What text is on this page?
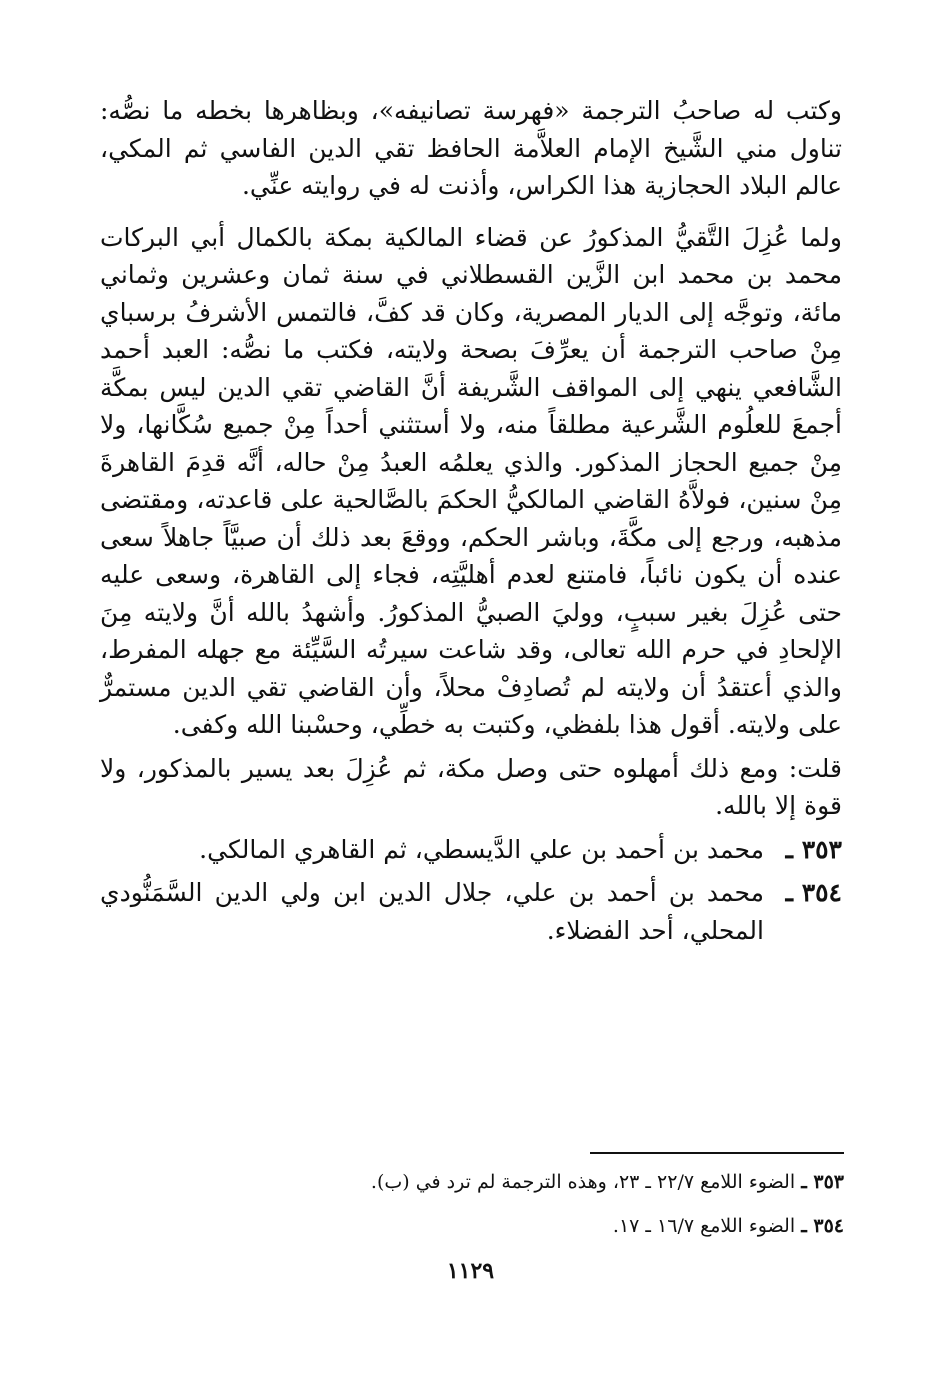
وكتب له صاحبُ الترجمة «فهرسة تصانيفه»، وبظاهرها بخطه ما نصُّه: تناول مني الشَّيخ الإمام العلاَّمة الحافظ تقي الدين الفاسي ثم المكي، عالم البلاد الحجازية هذا الكراس، وأذنت له في روايته عنِّي.

ولما عُزِلَ التَّقيُّ المذكورُ عن قضاء المالكية بمكة بالكمال أبي البركات محمد بن محمد ابن الزَّين القسطلاني في سنة ثمان وعشرين وثماني مائة، وتوجَّه إلى الديار المصرية، وكان قد كفَّ، فالتمس الأشرفُ برسباي مِنْ صاحب الترجمة أن يعرِّفَ بصحة ولايته، فكتب ما نصُّه: العبد أحمد الشَّافعي ينهي إلى المواقف الشَّريفة أنَّ القاضي تقي الدين ليس بمكَّة أجمعَ للعلُوم الشَّرعية مطلقاً منه، ولا أستثني أحداً مِنْ جميع سُكَّانها، ولا مِنْ جميع الحجاز المذكور. والذي يعلمُه العبدُ مِنْ حاله، أنَّه قدِمَ القاهرةَ مِنْ سنين، فولاَّهُ القاضي المالكيُّ الحكمَ بالصَّالحية على قاعدته، ومقتضى مذهبه، ورجع إلى مكَّةَ، وباشر الحكم، ووقعَ بعد ذلك أن صبيَّاً جاهلاً سعى عنده أن يكون نائباً، فامتنع لعدم أهليَّتِه، فجاء إلى القاهرة، وسعى عليه حتى عُزِلَ بغير سببٍ، ووليَ الصبيُّ المذكورُ. وأشهدُ بالله أنَّ ولايته مِنَ الإلحادِ في حرم الله تعالى، وقد شاعت سيرتُه السَّيِّئة مع جهله المفرط، والذي أعتقدُ أن ولايته لم تُصادِفْ محلاً، وأن القاضي تقي الدين مستمرٌّ على ولايته. أقول هذا بلفظي، وكتبت به خطِّي، وحسْبنا الله وكفى.

قلت: ومع ذلك أمهلوه حتى وصل مكة، ثم عُزِلَ بعد يسير بالمذكور، ولا قوة إلا بالله.

٣٥٣ ـ
محمد بن أحمد بن علي الدَّيسطي، ثم القاهري المالكي.
٣٥٤ ـ
محمد بن أحمد بن علي، جلال الدين ابن ولي الدين السَّمَنُّودي المحلي، أحد الفضلاء.
٣٥٣ ـ الضوء اللامع ٢٢/٧ ـ ٢٣، وهذه الترجمة لم ترد في (ب).
٣٥٤ ـ الضوء اللامع ١٦/٧ ـ ١٧.
١١٢٩
